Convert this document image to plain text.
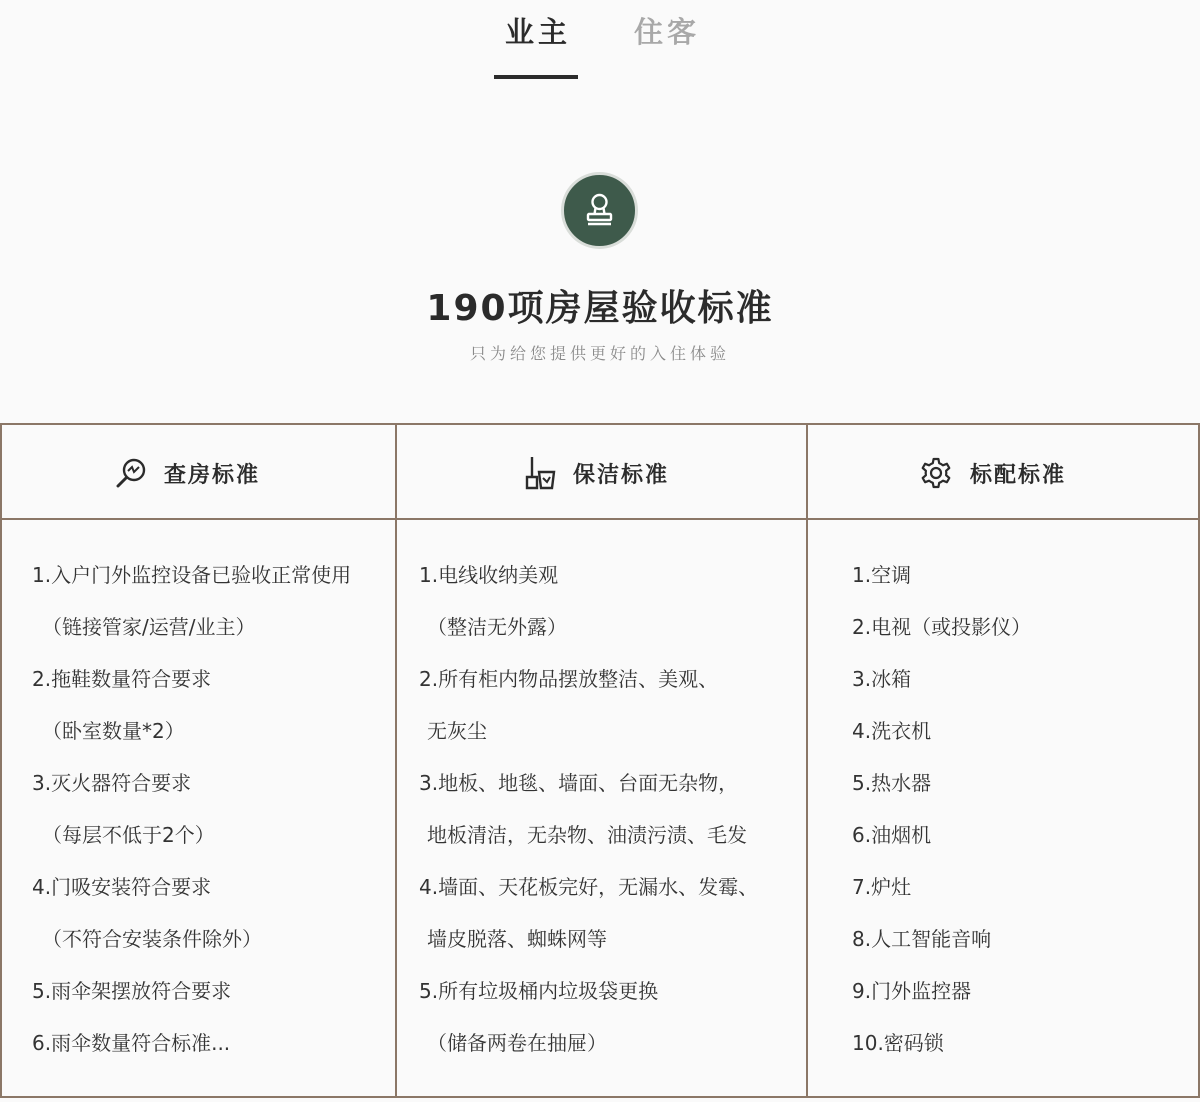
业主 住客
190项房屋验收标准
只为给您提供更好的入住体验
查房标准
1.入户门外监控设备已验收正常使用
（链接管家/运营/业主）
2.拖鞋数量符合要求
（卧室数量*2）
3.灭火器符合要求
（每层不低于2个）
4.门吸安装符合要求
（不符合安装条件除外）
5.雨伞架摆放符合要求
6.雨伞数量符合标准...
保洁标准
1.电线收纳美观
（整洁无外露）
2.所有柜内物品摆放整洁、美观、
无灰尘
3.地板、地毯、墙面、台面无杂物，
地板清洁，无杂物、油渍污渍、毛发
4.墙面、天花板完好，无漏水、发霉、
墙皮脱落、蜘蛛网等
5.所有垃圾桶内垃圾袋更换
（储备两卷在抽屉）
标配标准
1.空调
2.电视（或投影仪）
3.冰箱
4.洗衣机
5.热水器
6.油烟机
7.炉灶
8.人工智能音响
9.门外监控器
10.密码锁
